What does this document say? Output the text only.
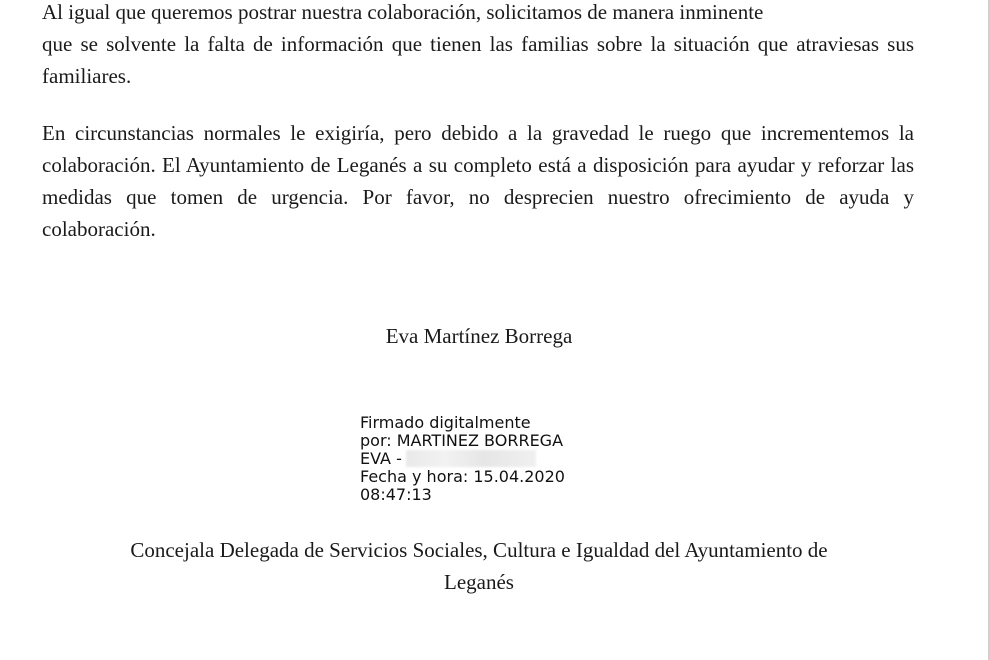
Al igual que queremos postrar nuestra colaboración, solicitamos de manera inminente
que se solvente la falta de información que tienen las familias sobre la situación que atraviesas sus familiares.

En circunstancias normales le exigiría, pero debido a la gravedad le ruego que incrementemos la colaboración. El Ayuntamiento de Leganés a su completo está a disposición para ayudar y reforzar las medidas que tomen de urgencia. Por favor, no desprecien nuestro ofrecimiento de ayuda y colaboración.

Eva Martínez Borrega

Firmado digitalmente
por: MARTINEZ BORREGA
EVA -
Fecha y hora: 15.04.2020
08:47:13
Concejala Delegada de Servicios Sociales, Cultura e Igualdad del Ayuntamiento de
Leganés
